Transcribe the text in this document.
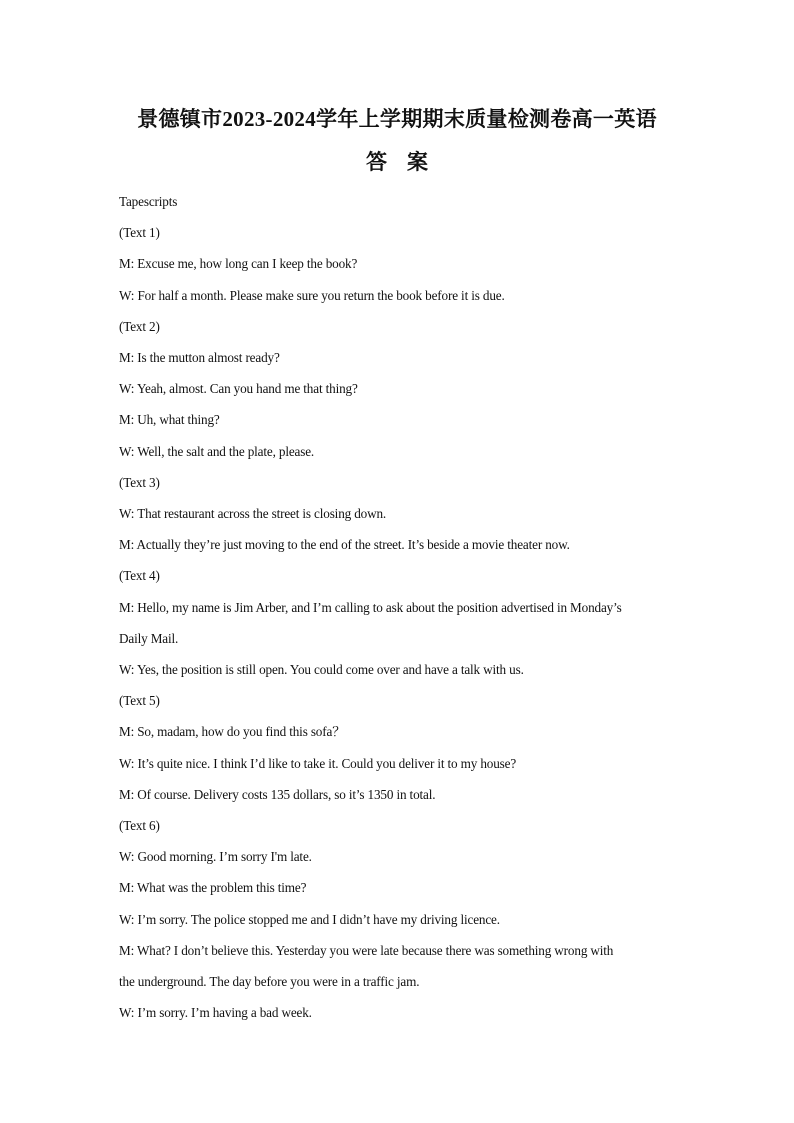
景德镇市2023-2024学年上学期期末质量检测卷高一英语
答案
Tapescripts
(Text 1)
M: Excuse me, how long can I keep the book?
W: For half a month. Please make sure you return the book before it is due.
(Text 2)
M: Is the mutton almost ready?
W: Yeah, almost. Can you hand me that thing?
M: Uh, what thing?
W: Well, the salt and the plate, please.
(Text 3)
W: That restaurant across the street is closing down.
M: Actually they’re just moving to the end of the street. It’s beside a movie theater now.
(Text 4)
M: Hello, my name is Jim Arber, and I’m calling to ask about the position advertised in Monday’s
Daily Mail.
W: Yes, the position is still open. You could come over and have a talk with us.
(Text 5)
M: So, madam, how do you find this sofa？
W: It’s quite nice. I think I’d like to take it. Could you deliver it to my house?
M: Of course. Delivery costs 135 dollars, so it’s 1350 in total.
(Text 6)
W: Good morning. I’m sorry I'm late.
M: What was the problem this time?
W: I’m sorry. The police stopped me and I didn’t have my driving licence.
M: What? I don’t believe this. Yesterday you were late because there was something wrong with
the underground. The day before you were in a traffic jam.
W: I’m sorry. I’m having a bad week.
